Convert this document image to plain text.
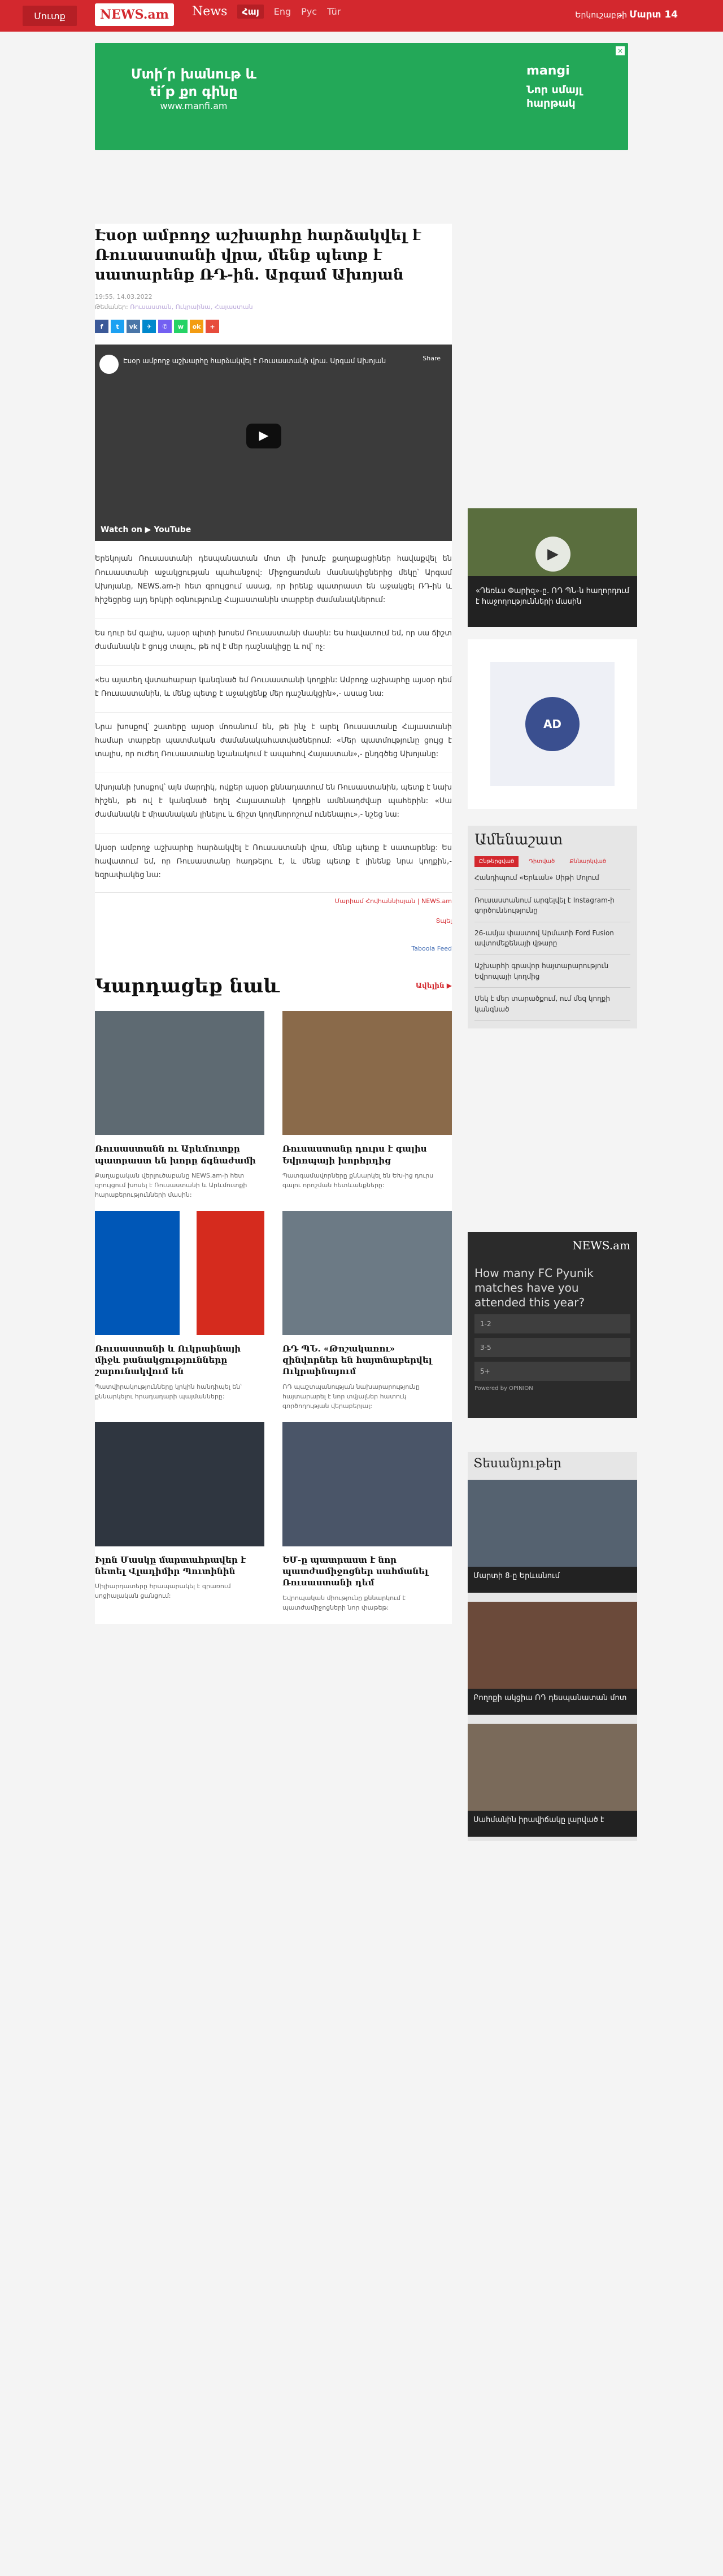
Մուտք	NEWS.am	News	Հայ	Eng Рус Tür	Երկուշաբթի Մարտ 14
Մտի՛ր խանութ և ti՛p քո գինը
www.manfi.am
mangi
Նոր սմայլ հարթակ
×
Էսօր ամբողջ աշխարհը հարձակվել է Ռուսաստանի վրա, մենք պետք է սատարենք ՌԴ-ին. Արգամ Ախոյան
19:55, 14.03.2022
Թեմաներ: Ռուսաստան, Ուկրաինա, Հայաստան
f	t	vk	✈	✆	w	ok	+
Էսօր ամբողջ աշխարհը հարձակվել է Ռուսաստանի վրա. Արգամ Ախոյան	Share
▶
Watch on ▶ YouTube

Երեկոյան Ռուսաստանի դեսպանատան մոտ մի խումբ քաղաքացիներ հավաքվել են Ռուսաստանի աջակցության պահանջով: Միջոցառման մասնակիցներից մեկը՝ Արգամ Ախոյանը, NEWS.am-ի հետ զրույցում ասաց, որ իրենք պատրաստ են աջակցել ՌԴ-ին և հիշեցրեց այդ երկրի օգնությունը Հայաստանին տարբեր ժամանակներում:

Ես դուր եմ գալիս, այսօր պիտի խոսեմ Ռուսաստանի մասին: Ես հավատում եմ, որ սա ճիշտ ժամանակն է ցույց տալու, թե ով է մեր դաշնակիցը և ով՝ ոչ:

«Ես այստեղ վստահաբար կանգնած եմ Ռուսաստանի կողքին: Ամբողջ աշխարհը այսօր դեմ է Ռուսաստանին, և մենք պետք է աջակցենք մեր դաշնակցին»,- ասաց նա:

Նրա խոսքով՝ շատերը այսօր մոռանում են, թե ինչ է արել Ռուսաստանը Հայաստանի համար տարբեր պատմական ժամանակահատվածներում: «Մեր պատմությունը ցույց է տալիս, որ ուժեղ Ռուսաստանը նշանակում է ապահով Հայաստան»,- ընդգծեց Ախոյանը:

Ախոյանի խոսքով՝ այն մարդիկ, ովքեր այսօր քննադատում են Ռուսաստանին, պետք է նախ հիշեն, թե ով է կանգնած եղել Հայաստանի կողքին ամենադժվար պահերին: «Սա ժամանակն է միասնական լինելու և ճիշտ կողմնորոշում ունենալու»,- նշեց նա:

Այսօր ամբողջ աշխարհը հարձակվել է Ռուսաստանի վրա, մենք պետք է սատարենք: Ես հավատում եմ, որ Ռուսաստանը հաղթելու է, և մենք պետք է լինենք նրա կողքին,- եզրափակեց նա:

Մարիամ Հովհաննիսյան | NEWS.am
Տպել
Taboola Feed
Կարդացեք նաև	Ավելին ▶
Ռուսաստանն ու Արևմուտքը պատրաստ են խորը ճգնաժամի
Քաղաքական վերլուծաբանը NEWS.am-ի հետ զրույցում խոսել է Ռուսաստանի և Արևմուտքի հարաբերությունների մասին:
Ռուսաստանը դուրս է գալիս Եվրոպայի խորհրդից
Պատգամավորները քննարկել են ԵԽ-ից դուրս գալու որոշման հետևանքները:
Ռուսաստանի և Ուկրաինայի միջև բանակցությունները շարունակվում են
Պատվիրակությունները կրկին հանդիպել են՝ քննարկելու հրադադարի պայմանները:
ՌԴ ՊՆ. «Թոշակառու» զինվորներ են հայտնաբերվել Ուկրաինայում
ՌԴ պաշտպանության նախարարությունը հայտարարել է նոր տվյալներ հատուկ գործողության վերաբերյալ:
Իլոն Մասկը մարտահրավեր է նետել Վլադիմիր Պուտինին
Միլիարդատերը հրապարակել է գրառում սոցիալական ցանցում:
ԵՄ-ը պատրաստ է նոր պատժամիջոցներ սահմանել Ռուսաստանի դեմ
Եվրոպական միությունը քննարկում է պատժամիջոցների նոր փաթեթ:
▶
«Դեռևս Փարիզ»-ը. ՌԴ ՊՆ-ն հաղորդում է հաջողությունների մասին
AD
Ամենաշատ
Ընթերցված	Դիտված	Քննարկված
Հանդիպում «Երևան» Սիթի Մոլում
Ռուսաստանում արգելվել է Instagram-ի գործունեությունը
26-ամյա փաստով Արմատի Ford Fusion ավտոմեքենայի վթարը
Աշխարհի գրավոր հայտարարություն Եվրոպայի կողմից
Մեկ է մեր տարածքում, ում մեզ կողքի կանգնած
NEWS.am
How many FC Pyunik matches have you attended this year?
1-2
3-5
5+
Powered by OPINION
Տեսանյութեր
Մարտի 8-ը Երևանում
Բողոքի ակցիա ՌԴ դեսպանատան մոտ
Սահմանին իրավիճակը լարված է
